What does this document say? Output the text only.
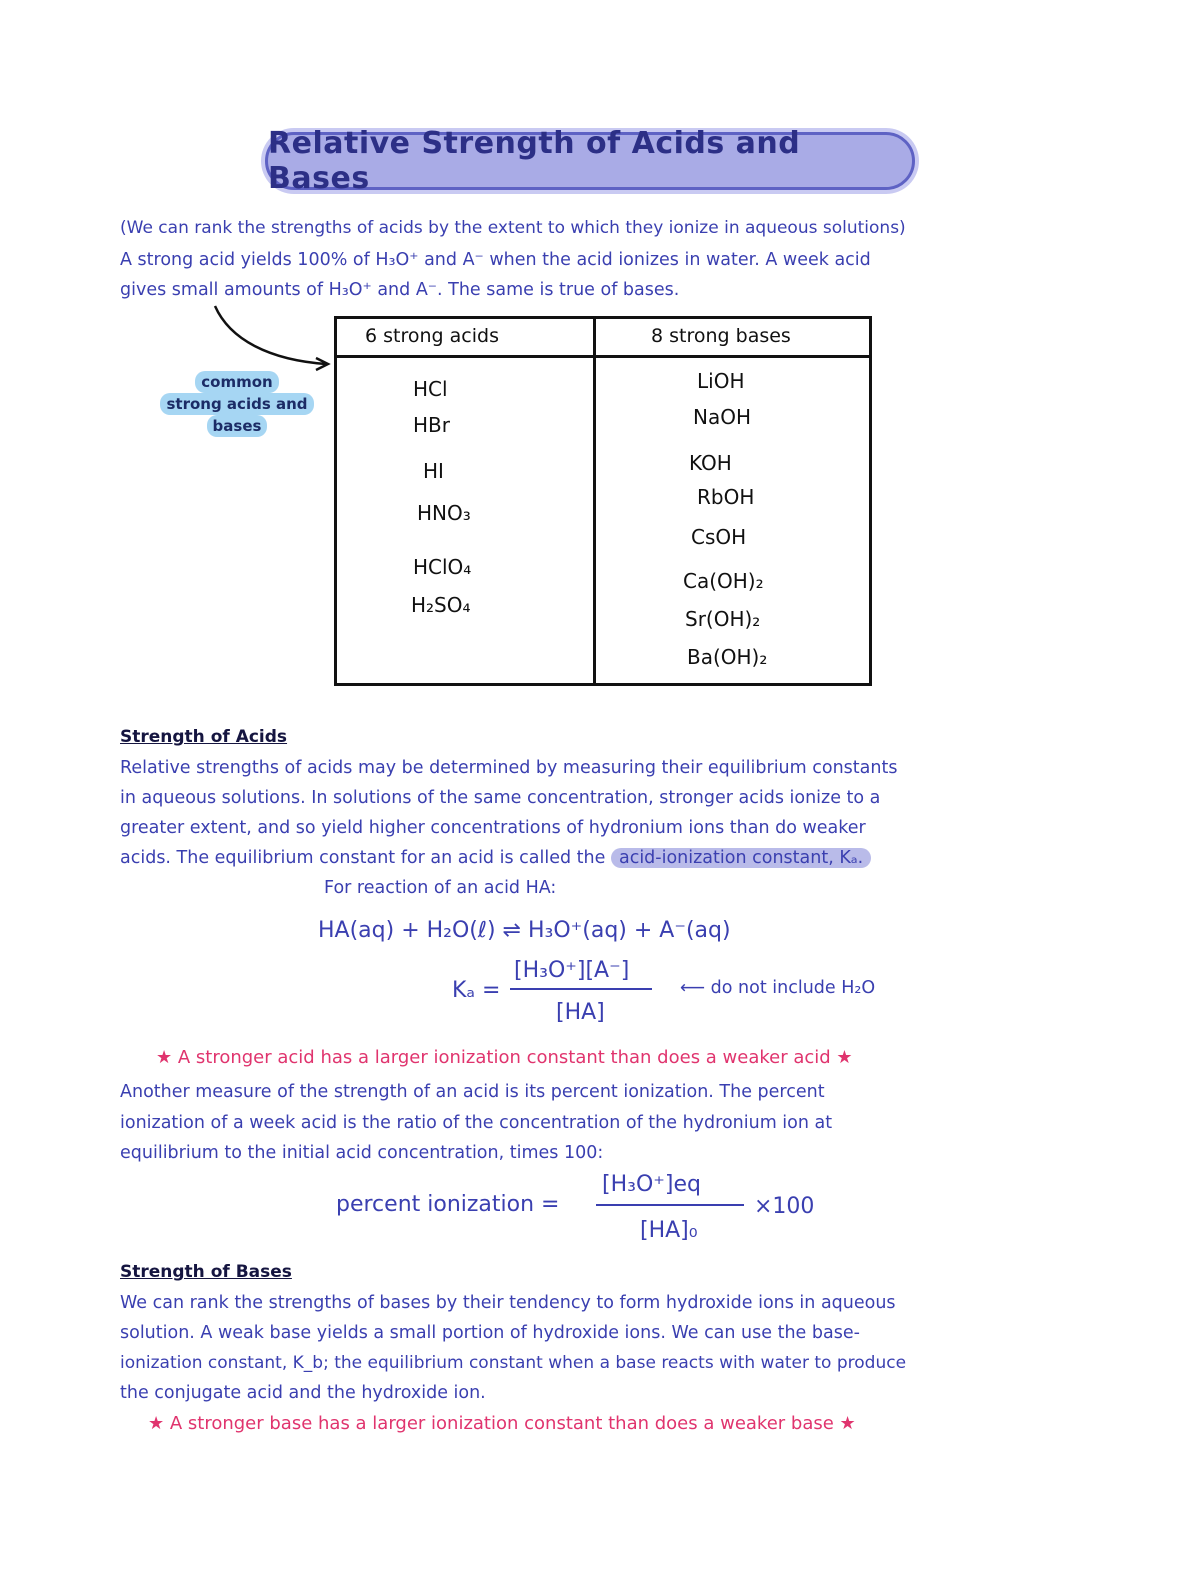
Relative Strength of Acids and Bases
(We can rank the strengths of acids by the extent to which they ionize in aqueous solutions)
A strong acid yields 100% of H₃O⁺ and A⁻ when the acid ionizes in water. A week acid
gives small amounts of H₃O⁺ and A⁻. The same is true of bases.
common
strong acids and
bases
6 strong acids	8 strong bases
HCl
HBr
HI
HNO₃
HClO₄
H₂SO₄
LiOH
NaOH
KOH
RbOH
CsOH
Ca(OH)₂
Sr(OH)₂
Ba(OH)₂
Strength of Acids
Relative strengths of acids may be determined by measuring their equilibrium constants
in aqueous solutions. In solutions of the same concentration, stronger acids ionize to a
greater extent, and so yield higher concentrations of hydronium ions than do weaker
acids. The equilibrium constant for an acid is called the acid-ionization constant, Kₐ.
For reaction of an acid HA:
HA(aq) + H₂O(ℓ) ⇌ H₃O⁺(aq) + A⁻(aq)
Kₐ =
[H₃O⁺][A⁻]
[HA]
⟵ do not include H₂O
★ A stronger acid has a larger ionization constant than does a weaker acid ★
Another measure of the strength of an acid is its percent ionization. The percent
ionization of a week acid is the ratio of the concentration of the hydronium ion at
equilibrium to the initial acid concentration, times 100:
percent ionization =
[H₃O⁺]eq
[HA]₀
×100
Strength of Bases
We can rank the strengths of bases by their tendency to form hydroxide ions in aqueous
solution. A weak base yields a small portion of hydroxide ions. We can use the base-
ionization constant, K_b; the equilibrium constant when a base reacts with water to produce
the conjugate acid and the hydroxide ion.
★ A stronger base has a larger ionization constant than does a weaker base ★
